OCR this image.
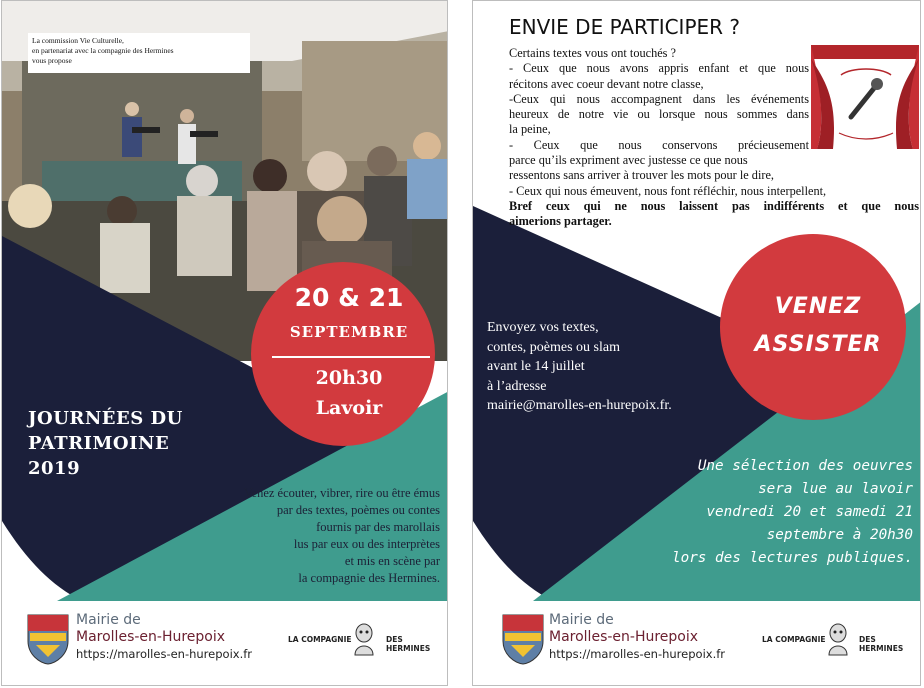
La commission Vie Culturelle,
en partenariat avec la compagnie des Hermines
vous propose
20 & 21
SEPTEMBRE
20h30
Lavoir
JOURNÉES DU
PATRIMOINE
2019
Venez écouter, vibrer, rire ou être émus
par des textes, poèmes ou contes
fournis par des marollais
lus par eux ou des interprètes
et mis en scène par
la compagnie des Hermines.
Mairie de
Marolles-en-Hurepoix
https://marolles-en-hurepoix.fr
LA COMPAGNIE	DES HERMINES
ENVIE DE PARTICIPER ?
Certains textes vous ont touchés ?
- Ceux que nous avons appris enfant et que nous
récitons avec coeur devant notre classe,
-Ceux qui nous accompagnent dans les événements
heureux de notre vie ou lorsque nous sommes dans
la peine,
- Ceux que nous conservons précieusement
parce qu’ils expriment avec justesse ce que nous
ressentons sans arriver à trouver les mots pour le dire,
- Ceux qui nous émeuvent, nous font réfléchir, nous interpellent,
Bref ceux qui ne nous laissent pas indifférents et que nous
aimerions partager.
Envoyez vos textes,
contes, poèmes ou slam
avant le 14 juillet
à l’adresse
mairie@marolles-en-hurepoix.fr.
VENEZ
ASSISTER
Une sélection des oeuvres
sera lue au lavoir
vendredi 20 et samedi 21
septembre à 20h30
lors des lectures publiques.
Mairie de
Marolles-en-Hurepoix
https://marolles-en-hurepoix.fr
LA COMPAGNIE	DES HERMINES
